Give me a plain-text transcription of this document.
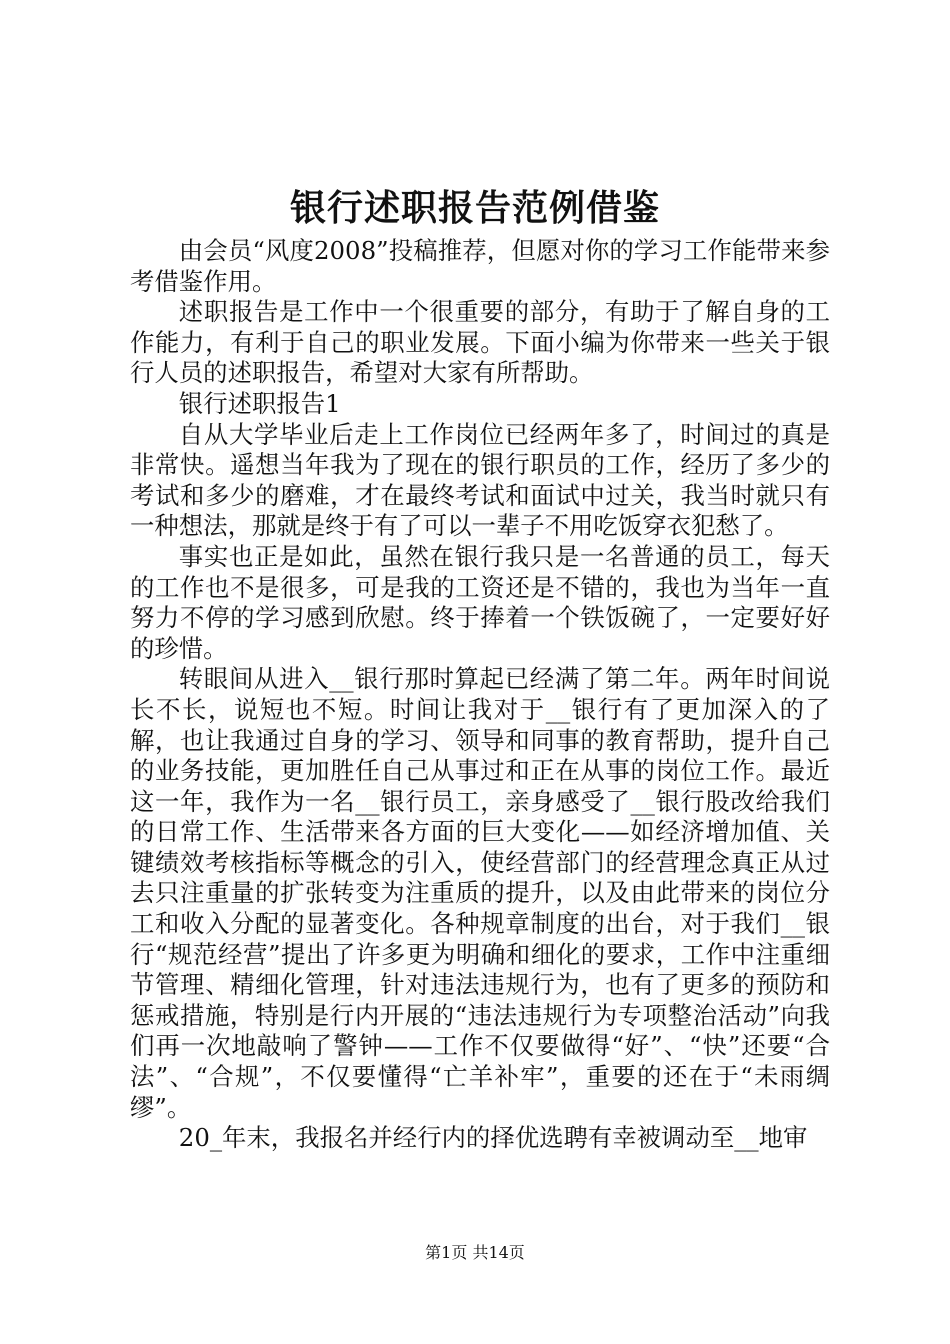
银行述职报告范例借鉴

由会员“风度2008”投稿推荐，但愿对你的学习工作能带来参考借鉴作用。

述职报告是工作中一个很重要的部分，有助于了解自身的工作能力，有利于自己的职业发展。下面小编为你带来一些关于银行人员的述职报告，希望对大家有所帮助。

银行述职报告1

自从大学毕业后走上工作岗位已经两年多了，时间过的真是非常快。遥想当年我为了现在的银行职员的工作，经历了多少的考试和多少的磨难，才在最终考试和面试中过关，我当时就只有一种想法，那就是终于有了可以一辈子不用吃饭穿衣犯愁了。

事实也正是如此，虽然在银行我只是一名普通的员工，每天的工作也不是很多，可是我的工资还是不错的，我也为当年一直努力不停的学习感到欣慰。终于捧着一个铁饭碗了，一定要好好的珍惜。

转眼间从进入__银行那时算起已经满了第二年。两年时间说长不长，说短也不短。时间让我对于__银行有了更加深入的了解，也让我通过自身的学习、领导和同事的教育帮助，提升自己的业务技能，更加胜任自己从事过和正在从事的岗位工作。最近这一年，我作为一名__银行员工，亲身感受了__银行股改给我们的日常工作、生活带来各方面的巨大变化——如经济增加值、关键绩效考核指标等概念的引入，使经营部门的经营理念真正从过去只注重量的扩张转变为注重质的提升，以及由此带来的岗位分工和收入分配的显著变化。各种规章制度的出台，对于我们__银行“规范经营”提出了许多更为明确和细化的要求，工作中注重细节管理、精细化管理，针对违法违规行为，也有了更多的预防和惩戒措施，特别是行内开展的“违法违规行为专项整治活动”向我们再一次地敲响了警钟——工作不仅要做得“好”、“快”还要“合法”、“合规”，不仅要懂得“亡羊补牢”，重要的还在于“未雨绸缪”。

20_年末，我报名并经行内的择优选聘有幸被调动至__地审

第1页 共14页
